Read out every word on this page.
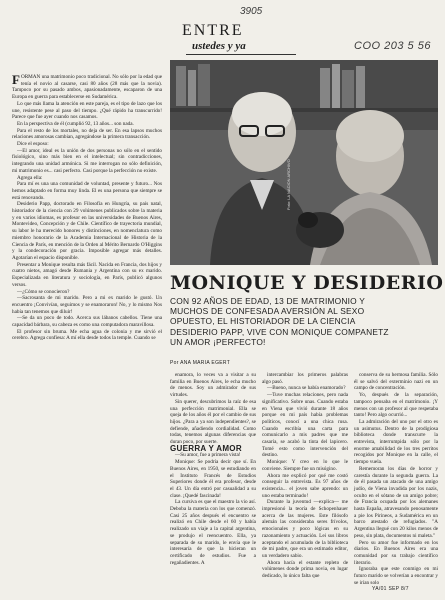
3905
COO 203 5 56
ENTRE
ustedes y ya
Foto: LA NACION ARCHIVO
MONIQUE Y DESIDERIO
CON 92 AÑOS DE EDAD, 13 DE MATRIMONIO Y
MUCHOS DE CONFESADA AVERSIÓN AL SEXO
OPUESTO, EL HISTORIADOR DE LA CIENCIA
DESIDERIO PAPP, VIVE CON MONIQUE COMPANETZ
UN AMOR ¡PERFECTO!
Por ANA MARIA EGERT

FORMAN una matrimonio poco tradicional. No sólo por la edad que tenía el novio al casarse, casi 80 años (28 más que la novia). Tampoco por su pasado ambos, apasionadamente, escaparon de una Europa en guerra para establecerse en Sudamérica.

Lo que más llama la atención en este pareja, es el tipo de lazo que los une, resistente pese al paso del tiempo. ¿Qué rápido ha transcurrido! Parece que fue ayer cuando nos casamos.

En la perspectiva de él (cumplió 92, 13 años... son nada.

Para el resto de los mortales, no deja de ser. En esa lapsos muchos relaciones amorosas cambian, agregándose la primera transacción.

Dice el esposo:

—El amor, ideal es la unión de dos personas no sólo en el sentido fisiológico, sino más bien en el intelectual; sin contradicciones, integrando una unidad armónica. Si me interrogan no sólo definición, mi matrimonio es... casi perfecto. Casi porque la perfección no existe.

Agrega ella:

Para mí es una una comunidad de voluntad, presente y futuro... Nos hemos adaptado en forma muy linda. El es una persona que siempre se está renovando.

Desiderio Papp, doctorado en Filosofía en Hungría, su país natal, historiador de la ciencia con 29 volúmenes publicados sobre la materia y en varios idiomas, es profesor en las universidades de Buenos Aires, Montevideo, Concepción y de Chile. Científico de trayectoria mundial, su labor le ha merecido honores y distinciones, en nomenclatura como miembro honorario de la Academia Internacional de Historia de la Ciencia de París, en mención de la Orden al Mérito Bernardo O'Higgins y la condecoración por gracia. Imposible agregar más detalles. Agotarían el espacio disponible.

Presentar a Monique resulta más fácil. Nacida en Francia, dos hijos y cuatro nietos, amagó desde Rumania y Argentina con su ex marido. Especializada en literatura y sociología, en París, publicó algunos versos.

—¿Cómo se conocieron?

—Sacrosanta de mi marido. Pero a mi ex marido le gustó. Un encuentro ¡Convivían, seguimos y se enamoraron! No, y lo mismo Nos había tan tenemos que diluir!

—Se da un poco de todo. Acerca sus lábanos cabellos. Tiene una capacidad bárbara, su cabeza es como una computadora maravillosa.

El profesor sin bruma. Me echa agua de colonia y me sirvió el cerebro. Agrega confiesa: A mí ella desde todos la temple. Cuando se

enamora, lo veces va a visitar a su familia en Buenos Aires, le echa mucho de menos. Soy un admirador de sus virtudes.

Sin querer, descubrimos la raíz de esa una perfección matrimonial. Ella se queja de los años él por el cambio de sus hijos. ¿Para a ya son independientes?, se defiende, añadiendo cordialidad. Como todas, tenemos algunas diferencias que duran poco, por suerte.

GUERRA Y AMOR

—Su amor, fue a primera vista!

Monique: Se podría decir que sí. En Buenos Aires, en 1950, se estudiando en el Instituto Francés de Estudios Superiores donde él era profesor, desde el 43. Un día entró por casualidad a su clase. ¡Quedé fascinada!

La cursiva es que el maestro la vio así. Deboba la materia con los que comenzó. Casi 25 años después el encuentro se realizó en Chile desde el 60 y había realizado un viaje a la capital argentina, se produjo el reencuentro. Ella, ya separada de su marido, le envía que le interesaría de que la hicieran un certificado de estudios. Fue a regañadientes. A

intercambiar los primeros palabras algo pasó.

—Bueno, nunca se había enamorado?

—Tuve muchas relaciones, pero nada significativo. Sobre unas. Cuando estaba en Viena que vivió durante 18 años porque en mi país había problemas políticos, conocí a una chica rusa. Cuando escribía una carta para comunicarlo a mis padres que me casaría, se acabó la tinta del lapicero. Tomé esto como intervención del destino.

Monique: Y creo en lo que le conviene. Siempre fue un misógino.

Ahora me explicó por qué me costó conseguir la entrevista. Es 97 años de existencia... el joven sabe aprendo: un uno estaba terminado!

Durante la juventud —explica— me impresionó la teoría de Schopenhauer acerca de las mujeres. Este filósofo alemán las consideraba seres frívolos, emocionales y poco lógicas en su razonamiento y actuación. Lei sus libros aceptando el acumulado de la biblioteca de mi padre, que era un estimado editor, un verdadero sabio.

Ahora hacía el estante repleto de volúmenes donde prima novia, en lugar dedicado, lo único falta que

conserva de su hermosa familia. Sólo él se salvó del exterminio nazi en un campo de concentración.

Yo, después de la separación, tampoco pensaba en el matrimonio. ¡Y menos con un profesor al que respetaba tanto! Pero algo ocurrió...

La admiración del uno por el otro es un asimutus. Dentro de la prodigiosa biblioteca donde transcurre la entrevista, interrumpida sólo por la enorme amabilidad de los tres perritos recogidos por Monique en la calle, el tiempo vuela.

Rememoran los días de horror y carestía durante la segunda guerra. La de él pasada un atacado de una amigo judío, de Viena invadida por los nazis, oculto en el sótano de un amigo pobre; de Francia ocupada por los alemanes hasta España, atravesando penosamente a pie los Pirineos, a Sudamérica en un barco atestado de refugiados. "A Argentina llegué con 20 kilos menos de peso, sin plata, documentos ni maleta."

Pero su amor fue informado en los diarios. En Buenos Aires era una comunidad por su trabajo científico literario.

Ignoraba que este conmigo en mi futuro marido se volverían a encontrar y se irían solo

YA/01 SEP 8/7
